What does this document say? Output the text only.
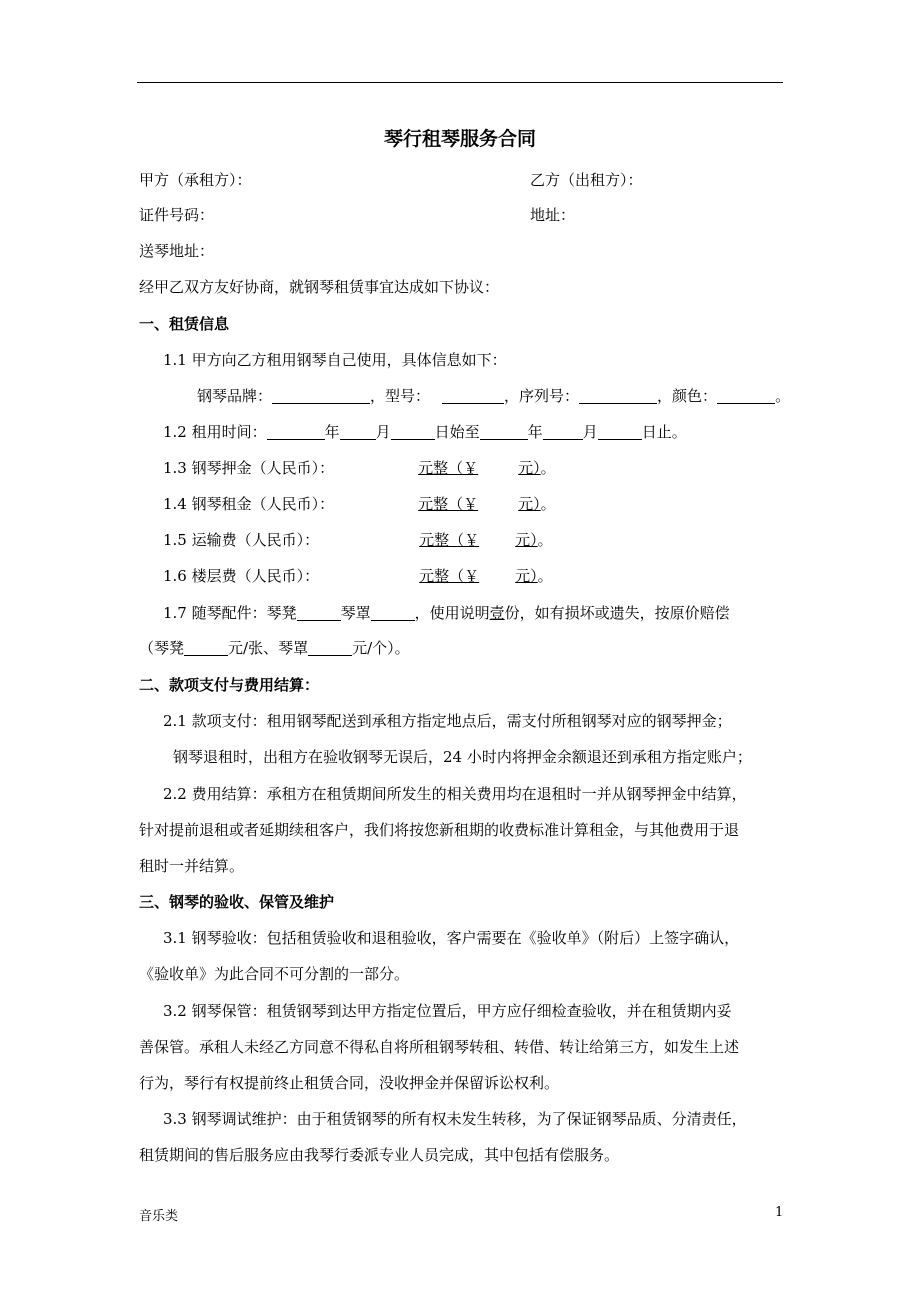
琴行租琴服务合同
甲方（承租方）：	乙方（出租方）：
证件号码：	地址：
送琴地址：
经甲乙双方友好协商，就钢琴租赁事宜达成如下协议：
一、租赁信息
1.1 甲方向乙方租用钢琴自己使用，具体信息如下：
钢琴品牌：	，型号：	，序列号：	，颜色：	。
1.2 租用时间：	年 月	日始至	年	月	日止。
1.3 钢琴押金（人民币）：	元整（￥	元）。
1.4 钢琴租金（人民币）：	元整（￥	元）。
1.5 运输费（人民币）：	元整（￥ 元）。
1.6 楼层费（人民币）：	元整（￥ 元）。
1.7 随琴配件：琴凳	琴罩	，使用说明壹份，如有损坏或遗失，按原价赔偿
（琴凳	元/张、琴罩	元/个）。
二、款项支付与费用结算：
2.1 款项支付：租用钢琴配送到承租方指定地点后，需支付所租钢琴对应的钢琴押金；
钢琴退租时，出租方在验收钢琴无误后，24 小时内将押金余额退还到承租方指定账户；
2.2 费用结算：承租方在租赁期间所发生的相关费用均在退租时一并从钢琴押金中结算，
针对提前退租或者延期续租客户，我们将按您新租期的收费标准计算租金，与其他费用于退
租时一并结算。
三、钢琴的验收、保管及维护
3.1 钢琴验收：包括租赁验收和退租验收，客户需要在《验收单》（附后）上签字确认，
《验收单》为此合同不可分割的一部分。
3.2 钢琴保管：租赁钢琴到达甲方指定位置后，甲方应仔细检查验收，并在租赁期内妥
善保管。承租人未经乙方同意不得私自将所租钢琴转租、转借、转让给第三方，如发生上述
行为，琴行有权提前终止租赁合同，没收押金并保留诉讼权利。
3.3 钢琴调试维护：由于租赁钢琴的所有权未发生转移，为了保证钢琴品质、分清责任，
租赁期间的售后服务应由我琴行委派专业人员完成，其中包括有偿服务。
音乐类	1
